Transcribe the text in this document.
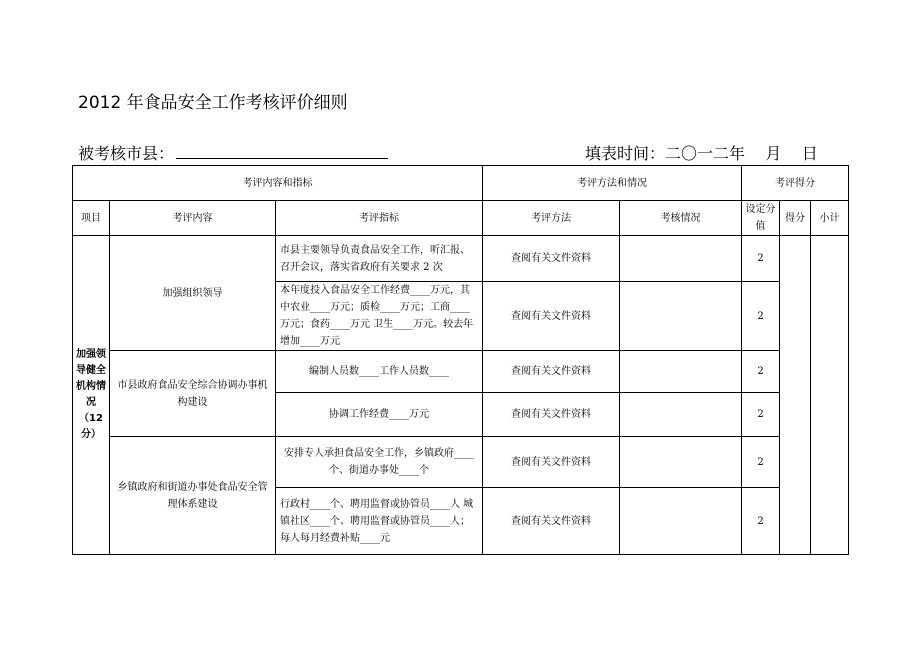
2012 年食品安全工作考核评价细则
被考核市县：	填表时间：二〇一二年    月    日
考评内容和指标			考评方法和情况		考评得分		
项目	考评内容	考评指标	考评方法	考核情况	设定分值	得分	小计
加强领导健全机构情况（12分）	加强组织领导	市县主要领导负责食品安全工作，听汇报、召开会议，落实省政府有关要求 2 次	查阅有关文件资料		2		
		本年度投入食品安全工作经费____万元，其中农业____万元；质检____万元；工商____万元；食药____万元 卫生____万元。较去年增加____万元	查阅有关文件资料		2		
	市县政府食品安全综合协调办事机构建设	编制人员数____工作人员数____	查阅有关文件资料		2		
		协调工作经费____万元	查阅有关文件资料		2		
	乡镇政府和街道办事处食品安全管理体系建设	安排专人承担食品安全工作，乡镇政府____个、街道办事处____个	查阅有关文件资料		2		
		行政村____个、聘用监督或协管员____人 城镇社区____个、聘用监督或协管员____人；每人每月经费补贴____元	查阅有关文件资料		2		
